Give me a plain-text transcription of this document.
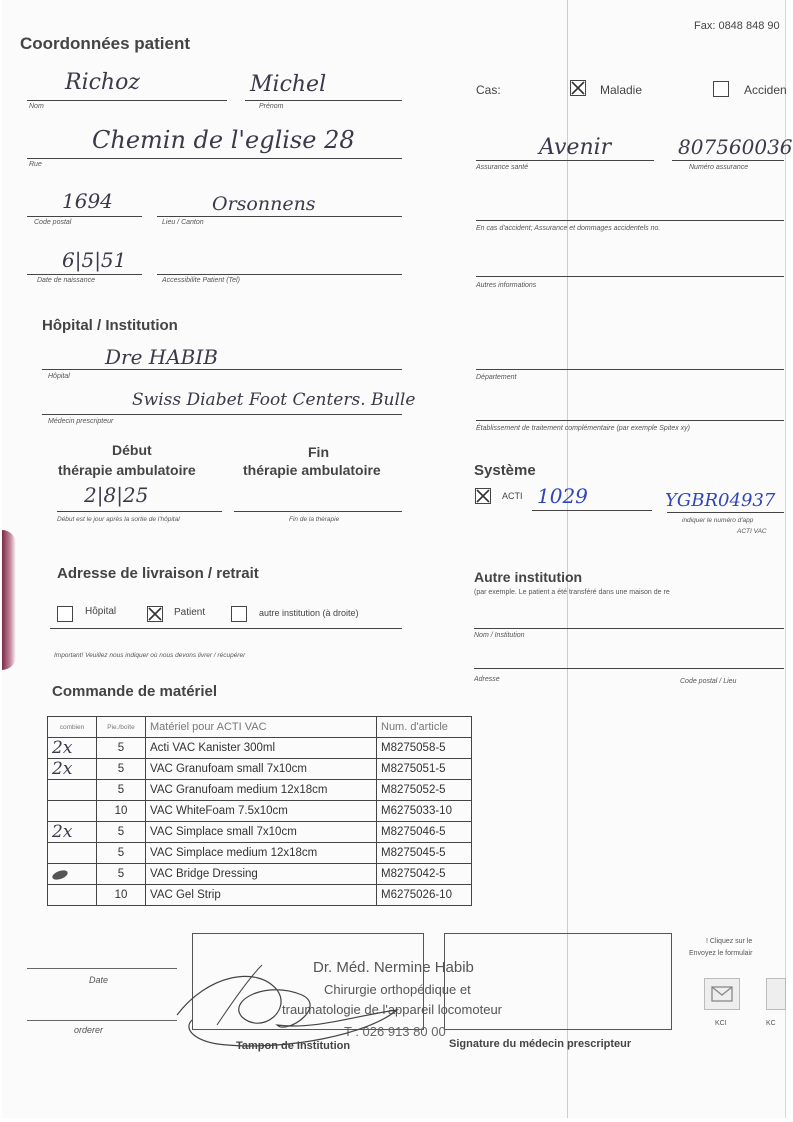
Fax: 0848 848 90
Coordonnées patient
Richoz
Nom
Michel
Prénom
Chemin de l'eglise 28
Rue
1694
Code postal
Orsonnens
Lieu / Canton
6|5|51
Date de naissance	Accessibilite Patient (Tel)
Cas:	Maladie	Acciden
Avenir
Assurance santé
807560036
Numéro assurance
En cas d'accident; Assurance et dommages accidentels no.
Autres informations
Hôpital / Institution
Dre HABIB
Hôpital
Swiss Diabet Foot Centers. Bulle
Médecin prescripteur
Département
Établissement de traitement complémentaire (par exemple Spitex xy)
Début
thérapie ambulatoire
Fin
thérapie ambulatoire
2|8|25
Début est le jour après la sortie de l'hôpital	Fin de la thérapie
Système
ACTI 1029	YGBR04937
indiquer le numéro d'app
ACTI VAC
Adresse de livraison / retrait
Hôpital	Patient	autre institution (à droite)
Important! Veuillez nous indiquer où nous devons livrer / récupérer
Autre institution
(par exemple. Le patient a été transféré dans une maison de re
Nom / Institution
Adresse	Code postal / Lieu
Commande de matériel
combien	Pie./boîte	Matériel pour ACTI VAC	Num. d'article
2x	5	Acti VAC Kanister 300ml	M8275058-5
2x	5	VAC Granufoam small 7x10cm	M8275051-5
	5	VAC Granufoam medium 12x18cm	M8275052-5
	10	VAC WhiteFoam 7.5x10cm	M6275033-10
2x	5	VAC Simplace small 7x10cm	M8275046-5
	5	VAC Simplace medium 12x18cm	M8275045-5
	5	VAC Bridge Dressing	M8275042-5
	10	VAC Gel Strip	M6275026-10
Date
orderer
Tampon de Institution	Signature du médecin prescripteur
Dr. Méd. Nermine Habib
Chirurgie orthopédique et
traumatologie de l'appareil locomoteur
T : 026 913 80 00
! Cliquez sur le
Envoyez le formulair
KCI	KC
